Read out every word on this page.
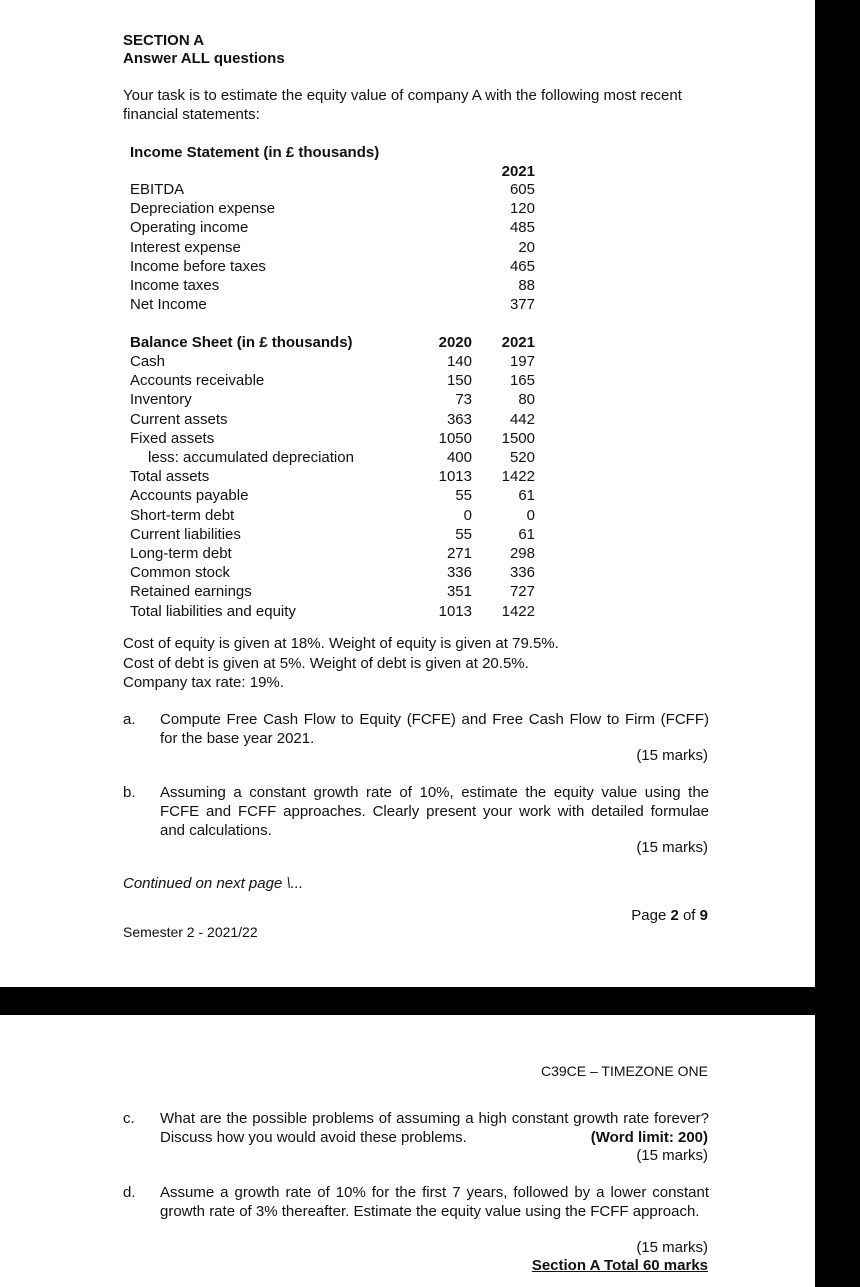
SECTION A
Answer ALL questions
Your task is to estimate the equity value of company A with the following most recent financial statements:
Income Statement (in £ thousands)
2021
EBITDA	605
Depreciation expense	120
Operating income	485
Interest expense	20
Income before taxes	465
Income taxes	88
Net Income	377
Balance Sheet (in £ thousands)	2020	2021
Cash	140	197
Accounts receivable	150	165
Inventory	73	80
Current assets	363	442
Fixed assets	1050	1500
less: accumulated depreciation	400	520
Total assets	1013	1422
Accounts payable	55	61
Short-term debt	0	0
Current liabilities	55	61
Long-term debt	271	298
Common stock	336	336
Retained earnings	351	727
Total liabilities and equity	1013	1422
Cost of equity is given at 18%. Weight of equity is given at 79.5%.
Cost of debt is given at 5%. Weight of debt is given at 20.5%.
Company tax rate: 19%.
a. Compute Free Cash Flow to Equity (FCFE) and Free Cash Flow to Firm (FCFF) for the base year 2021.
(15 marks)
b. Assuming a constant growth rate of 10%, estimate the equity value using the FCFE and FCFF approaches. Clearly present your work with detailed formulae and calculations.
(15 marks)
Continued on next page \...
Page 2 of 9
Semester 2 - 2021/22
C39CE – TIMEZONE ONE
c. What are the possible problems of assuming a high constant growth rate forever? Discuss how you would avoid these problems.	(Word limit: 200)
(15 marks)
d. Assume a growth rate of 10% for the first 7 years, followed by a lower constant growth rate of 3% thereafter. Estimate the equity value using the FCFF approach.
(15 marks)
Section A Total 60 marks
